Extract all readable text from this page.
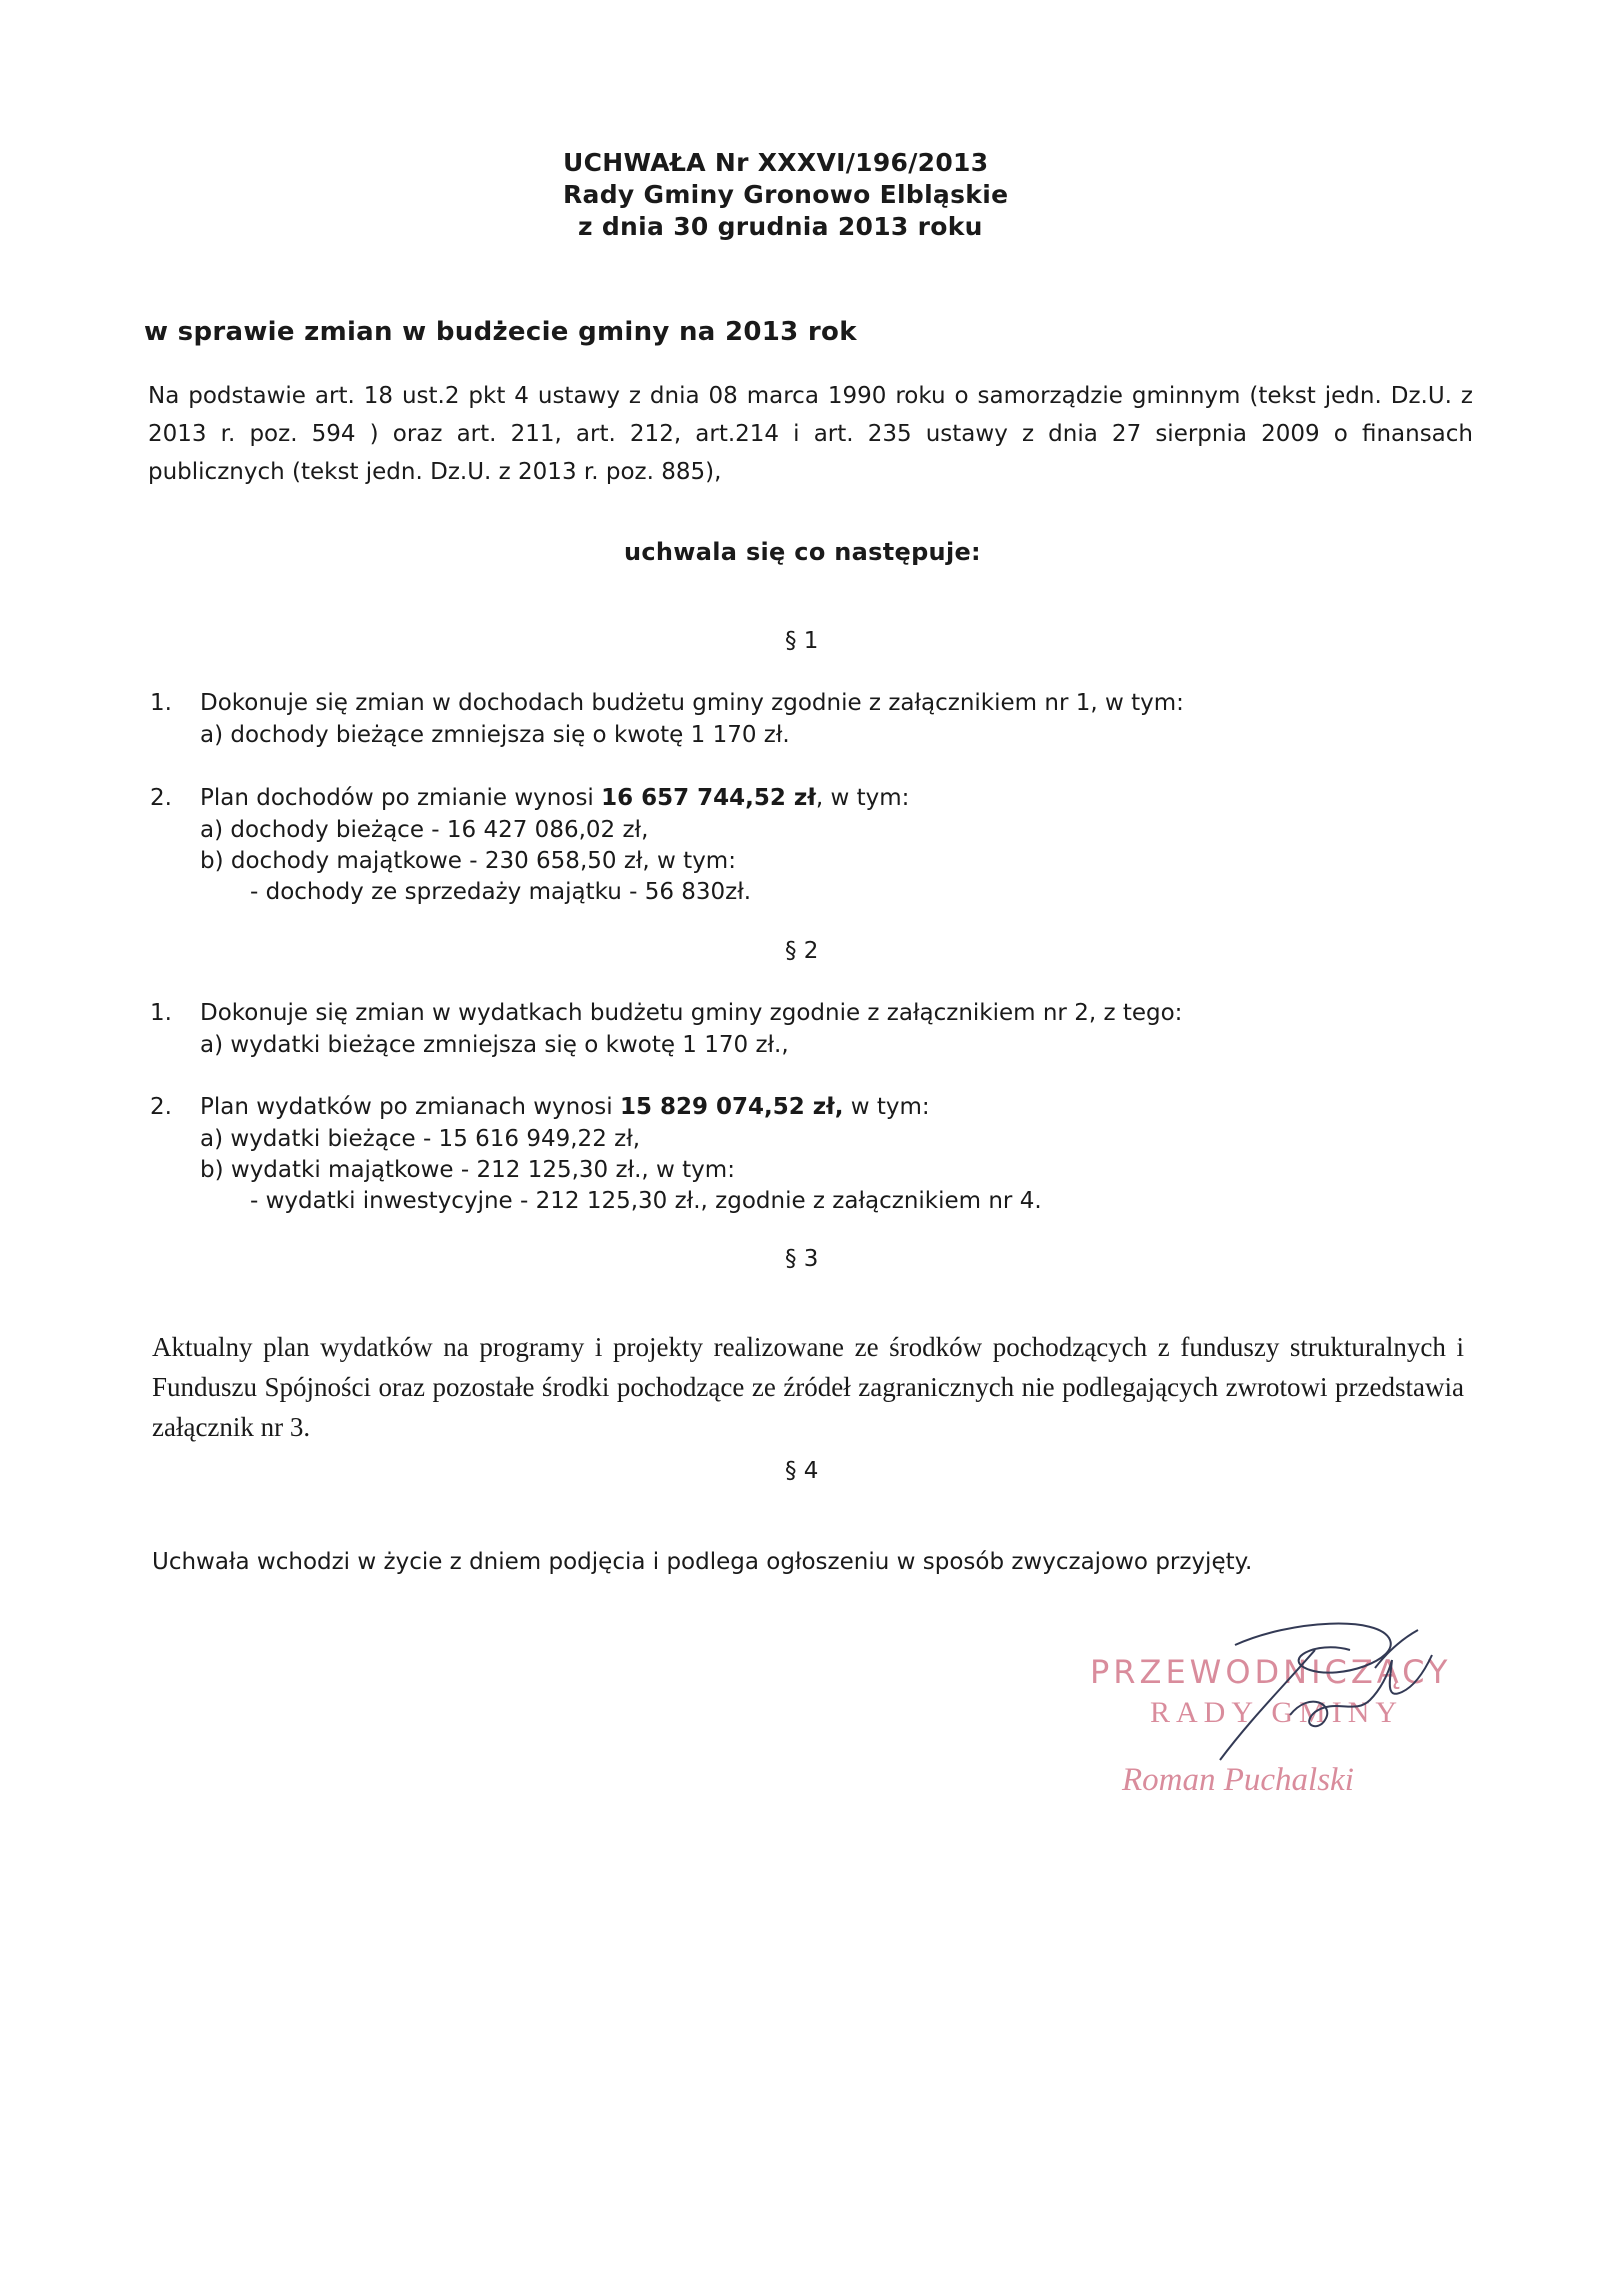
UCHWAŁA Nr XXXVI/196/2013
Rady Gminy Gronowo Elbląskie
z dnia 30 grudnia 2013 roku
w sprawie zmian w budżecie gminy na 2013 rok
Na podstawie art. 18 ust.2 pkt 4 ustawy z dnia 08 marca 1990 roku o samorządzie gminnym (tekst jedn. Dz.U. z 2013 r. poz. 594 ) oraz art. 211, art. 212, art.214 i art. 235 ustawy z dnia 27 sierpnia 2009 o finansach publicznych (tekst jedn. Dz.U. z 2013 r. poz. 885),
uchwala się co następuje:
§ 1
1. Dokonuje się zmian w dochodach budżetu gminy zgodnie z załącznikiem nr 1, w tym:
a) dochody bieżące zmniejsza się o kwotę 1 170 zł.
2. Plan dochodów po zmianie wynosi 16 657 744,52 zł, w tym:
a) dochody bieżące - 16 427 086,02 zł,
b) dochody majątkowe - 230 658,50 zł, w tym:
- dochody ze sprzedaży majątku - 56 830zł.
§ 2
1. Dokonuje się zmian w wydatkach budżetu gminy zgodnie z załącznikiem nr 2, z tego:
a) wydatki bieżące zmniejsza się o kwotę 1 170 zł.,
2. Plan wydatków po zmianach wynosi 15 829 074,52 zł, w tym:
a) wydatki bieżące - 15 616 949,22 zł,
b) wydatki majątkowe - 212 125,30 zł., w tym:
- wydatki inwestycyjne - 212 125,30 zł., zgodnie z załącznikiem nr 4.
§ 3
Aktualny plan wydatków na programy i projekty realizowane ze środków pochodzących z funduszy strukturalnych i Funduszu Spójności oraz pozostałe środki pochodzące ze źródeł zagranicznych nie podlegających zwrotowi przedstawia załącznik nr 3.
§ 4
Uchwała wchodzi w życie z dniem podjęcia i podlega ogłoszeniu w sposób zwyczajowo przyjęty.
PRZEWODNICZĄCY
RADY GMINY
Roman Puchalski
